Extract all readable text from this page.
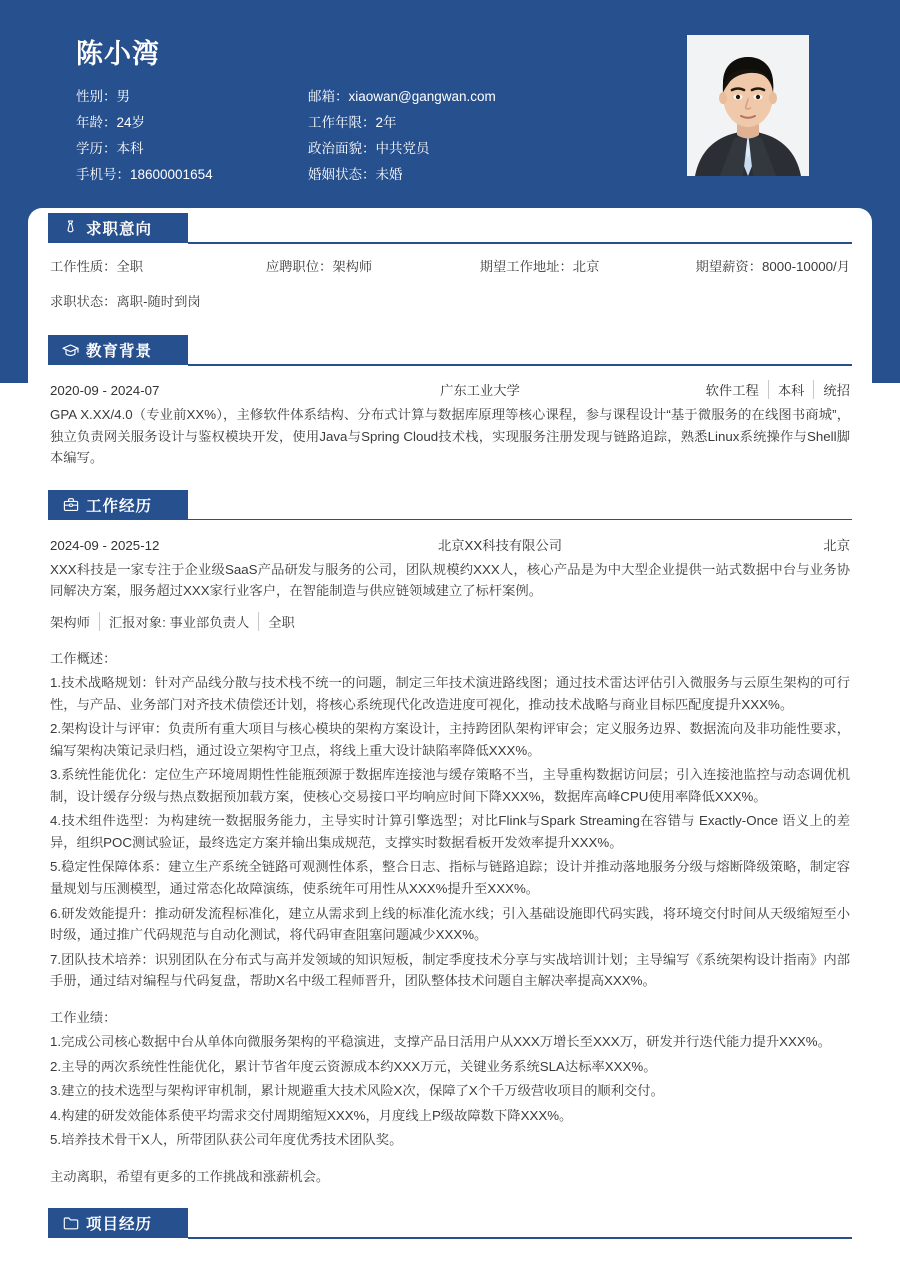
陈小湾
性别：男	邮箱：xiaowan@gangwan.com
年龄：24岁	工作年限：2年
学历：本科	政治面貌：中共党员
手机号：18600001654	婚姻状态：未婚
求职意向
工作性质：全职	应聘职位：架构师	期望工作地址：北京	期望薪资：8000-10000/月
求职状态：离职-随时到岗
教育背景
2020-09 - 2024-07	广东工业大学	软件工程	本科	统招
GPA X.XX/4.0（专业前XX%），主修软件体系结构、分布式计算与数据库原理等核心课程，参与课程设计“基于微服务的在线图书商城”，独立负责网关服务设计与鉴权模块开发，使用Java与Spring Cloud技术栈，实现服务注册发现与链路追踪，熟悉Linux系统操作与Shell脚本编写。
工作经历
2024-09 - 2025-12	北京XX科技有限公司	北京
XXX科技是一家专注于企业级SaaS产品研发与服务的公司，团队规模约XXX人，核心产品是为中大型企业提供一站式数据中台与业务协同解决方案，服务超过XXX家行业客户，在智能制造与供应链领域建立了标杆案例。
架构师	汇报对象: 事业部负责人	全职
工作概述：
1.技术战略规划：针对产品线分散与技术栈不统一的问题，制定三年技术演进路线图；通过技术雷达评估引入微服务与云原生架构的可行性，与产品、业务部门对齐技术债偿还计划，将核心系统现代化改造进度可视化，推动技术战略与商业目标匹配度提升XXX%。
2.架构设计与评审：负责所有重大项目与核心模块的架构方案设计，主持跨团队架构评审会；定义服务边界、数据流向及非功能性要求，编写架构决策记录归档，通过设立架构守卫点，将线上重大设计缺陷率降低XXX%。
3.系统性能优化：定位生产环境周期性性能瓶颈源于数据库连接池与缓存策略不当，主导重构数据访问层；引入连接池监控与动态调优机制，设计缓存分级与热点数据预加载方案，使核心交易接口平均响应时间下降XXX%，数据库高峰CPU使用率降低XXX%。
4.技术组件选型：为构建统一数据服务能力，主导实时计算引擎选型；对比Flink与Spark Streaming在容错与 Exactly-Once 语义上的差异，组织POC测试验证，最终选定方案并输出集成规范，支撑实时数据看板开发效率提升XXX%。
5.稳定性保障体系：建立生产系统全链路可观测性体系，整合日志、指标与链路追踪；设计并推动落地服务分级与熔断降级策略，制定容量规划与压测模型，通过常态化故障演练，使系统年可用性从XXX%提升至XXX%。
6.研发效能提升：推动研发流程标准化，建立从需求到上线的标准化流水线；引入基础设施即代码实践，将环境交付时间从天级缩短至小时级，通过推广代码规范与自动化测试，将代码审查阻塞问题减少XXX%。
7.团队技术培养：识别团队在分布式与高并发领域的知识短板，制定季度技术分享与实战培训计划；主导编写《系统架构设计指南》内部手册，通过结对编程与代码复盘，帮助X名中级工程师晋升，团队整体技术问题自主解决率提高XXX%。
工作业绩：
1.完成公司核心数据中台从单体向微服务架构的平稳演进，支撑产品日活用户从XXX万增长至XXX万，研发并行迭代能力提升XXX%。
2.主导的两次系统性性能优化，累计节省年度云资源成本约XXX万元，关键业务系统SLA达标率XXX%。
3.建立的技术选型与架构评审机制，累计规避重大技术风险X次，保障了X个千万级营收项目的顺利交付。
4.构建的研发效能体系使平均需求交付周期缩短XXX%，月度线上P级故障数下降XXX%。
5.培养技术骨干X人，所带团队获公司年度优秀技术团队奖。
主动离职，希望有更多的工作挑战和涨薪机会。
项目经历
